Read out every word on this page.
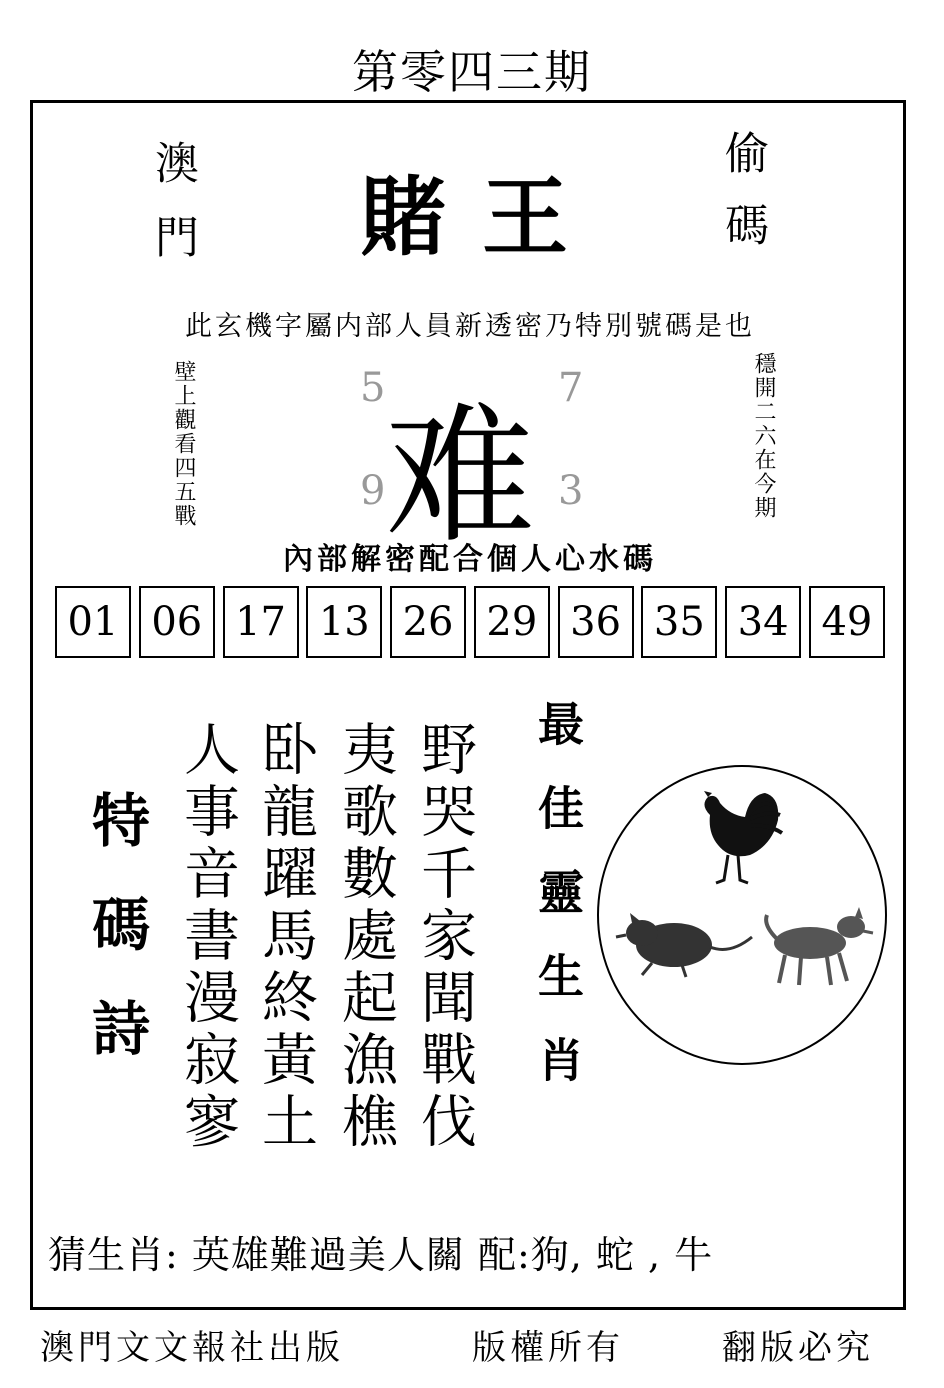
第零四三期
澳門	偷碼
賭王
此玄機字屬内部人員新透密乃特別號碼是也
壁上觀看四五戰	穩開二六在今期
5	7
9	3
难
內部解密配合個人心水碼
01 06 17 13 26 29 36 35 34 49
特碼詩	野哭千家聞戰伐
夷歌數處起漁樵
卧龍躍馬終黃土
人事音書漫寂寥	最佳靈生肖
猜生肖: 英雄難過美人關 配:狗, 蛇 , 牛
澳門文文報社出版	版權所有	翻版必究
